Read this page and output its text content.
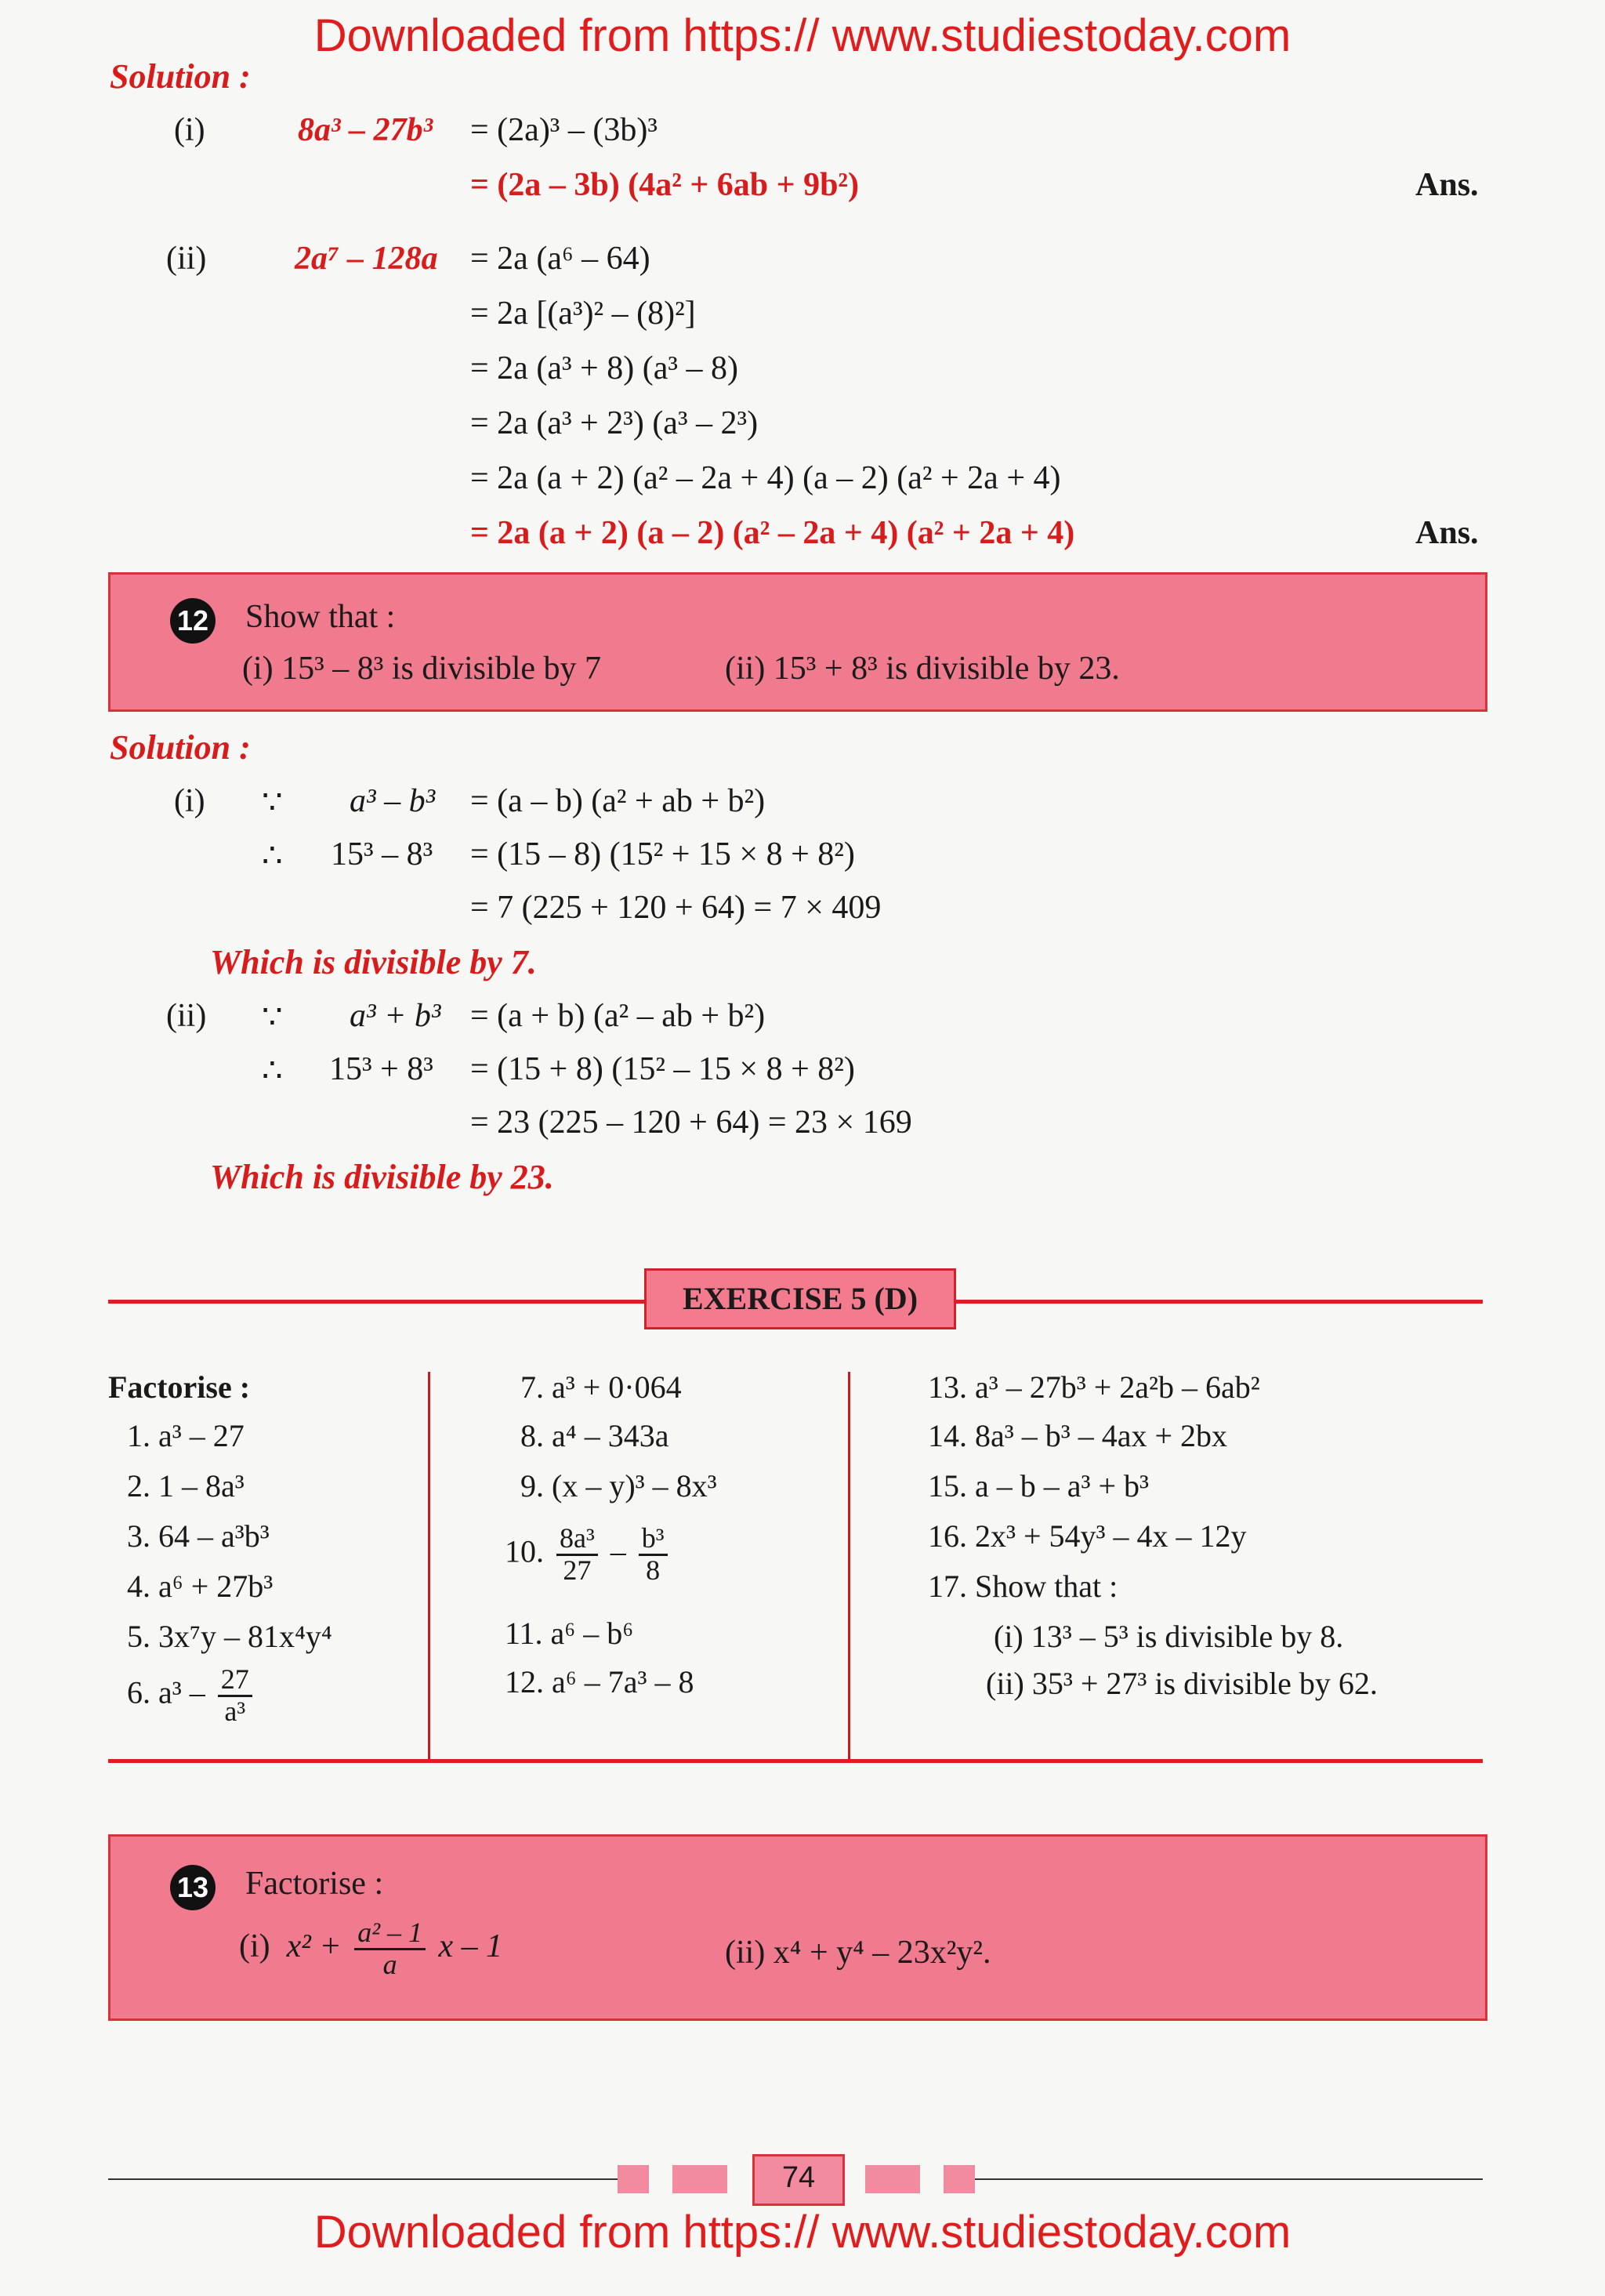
Downloaded from https:// www.studiestoday.com
Solution :
(i)	8a³ – 27b³ = (2a)³ – (3b)³
= (2a – 3b) (4a² + 6ab + 9b²)	Ans.
(ii)	2a⁷ – 128a = 2a (a⁶ – 64)
= 2a [(a³)² – (8)²]
= 2a (a³ + 8) (a³ – 8)
= 2a (a³ + 2³) (a³ – 2³)
= 2a (a + 2) (a² – 2a + 4) (a – 2) (a² + 2a + 4)
= 2a (a + 2) (a – 2) (a² – 2a + 4) (a² + 2a + 4)	Ans.
12 Show that :
(i) 15³ – 8³ is divisible by 7	(ii) 15³ + 8³ is divisible by 23.
Solution :
(i) ∵ a³ – b³ = (a – b) (a² + ab + b²)
∴ 15³ – 8³ = (15 – 8) (15² + 15 × 8 + 8²)
= 7 (225 + 120 + 64) = 7 × 409
Which is divisible by 7.
(ii) ∵ a³ + b³ = (a + b) (a² – ab + b²)
∴ 15³ + 8³ = (15 + 8) (15² – 15 × 8 + 8²)
= 23 (225 – 120 + 64) = 23 × 169
Which is divisible by 23.
EXERCISE 5 (D)
Factorise :
1. a³ – 27
2. 1 – 8a³
3. 64 – a³b³
4. a⁶ + 27b³
5. 3x⁷y – 81x⁴y⁴
6. $a^3 - \frac{27}{\text{a³}}$
7. a³ + 0·064
8. a⁴ – 343a
9. (x – y)³ – 8x³
10. $\frac{\text{8a³}}{27} - \frac{\text{b³}}{8}$
11. a⁶ – b⁶
12. a⁶ – 7a³ – 8
13. a³ – 27b³ + 2a²b – 6ab²
14. 8a³ – b³ – 4ax + 2bx
15. a – b – a³ + b³
16. 2x³ + 54y³ – 4x – 12y
17. Show that :
(i) 13³ – 5³ is divisible by 8.
(ii) 35³ + 27³ is divisible by 62.
13 Factorise :
(i) $x^2 + \frac{\text{a² – 1}}{a}$ x – 1	(ii) x⁴ + y⁴ – 23x²y².
74
Downloaded from https:// www.studiestoday.com
